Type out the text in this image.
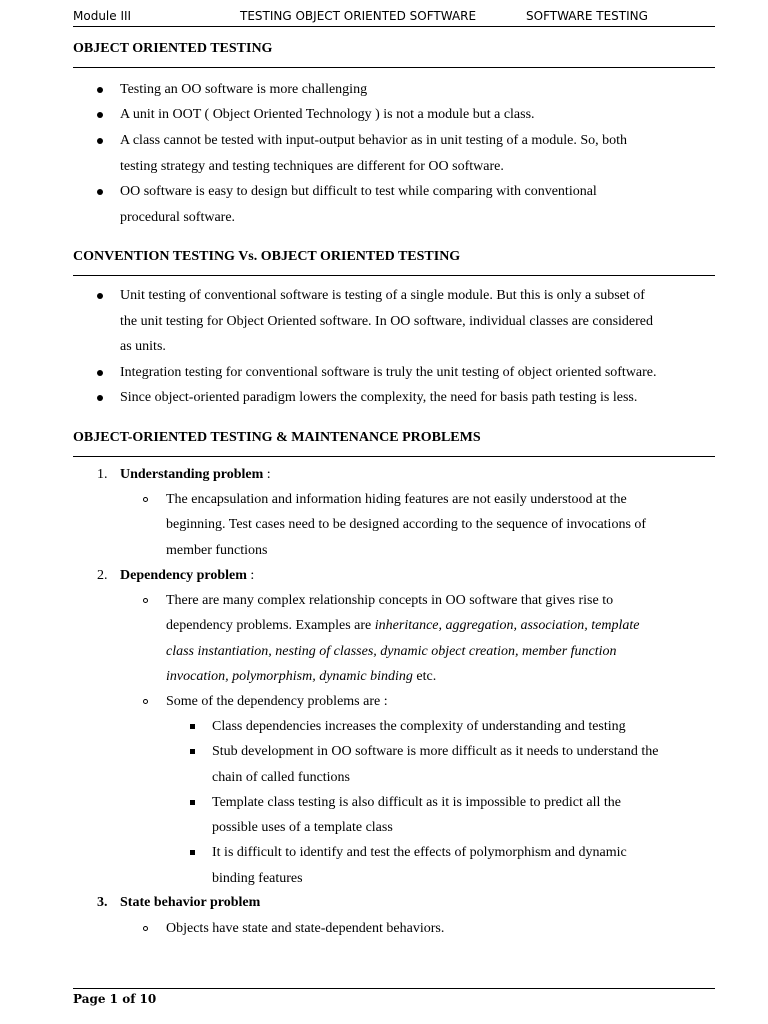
Module III	TESTING OBJECT ORIENTED SOFTWARE	SOFTWARE TESTING
OBJECT ORIENTED TESTING
Testing an OO software is more challenging
A unit in OOT ( Object Oriented Technology ) is not a module but a class.
A class cannot be tested with input-output behavior as in unit testing of a module. So, both
testing strategy and testing techniques are different for OO software.
OO software is easy to design but difficult to test while comparing with conventional
procedural software.
CONVENTION TESTING Vs. OBJECT ORIENTED TESTING
Unit testing of conventional software is testing of a single module. But this is only a subset of
the unit testing for Object Oriented software. In OO software, individual classes are considered
as units.
Integration testing for conventional software is truly the unit testing of object oriented software.
Since object-oriented paradigm lowers the complexity, the need for basis path testing is less.
OBJECT-ORIENTED TESTING & MAINTENANCE PROBLEMS
1. Understanding problem :
The encapsulation and information hiding features are not easily understood at the
beginning. Test cases need to be designed according to the sequence of invocations of
member functions
2. Dependency problem :
There are many complex relationship concepts in OO software that gives rise to
dependency problems. Examples are inheritance, aggregation, association, template
class instantiation, nesting of classes, dynamic object creation, member function
invocation, polymorphism, dynamic binding etc.
Some of the dependency problems are :
Class dependencies increases the complexity of understanding and testing
Stub development in OO software is more difficult as it needs to understand the
chain of called functions
Template class testing is also difficult as it is impossible to predict all the
possible uses of a template class
It is difficult to identify and test the effects of polymorphism and dynamic
binding features
3. State behavior problem
Objects have state and state-dependent behaviors.
Page 1 of 10
